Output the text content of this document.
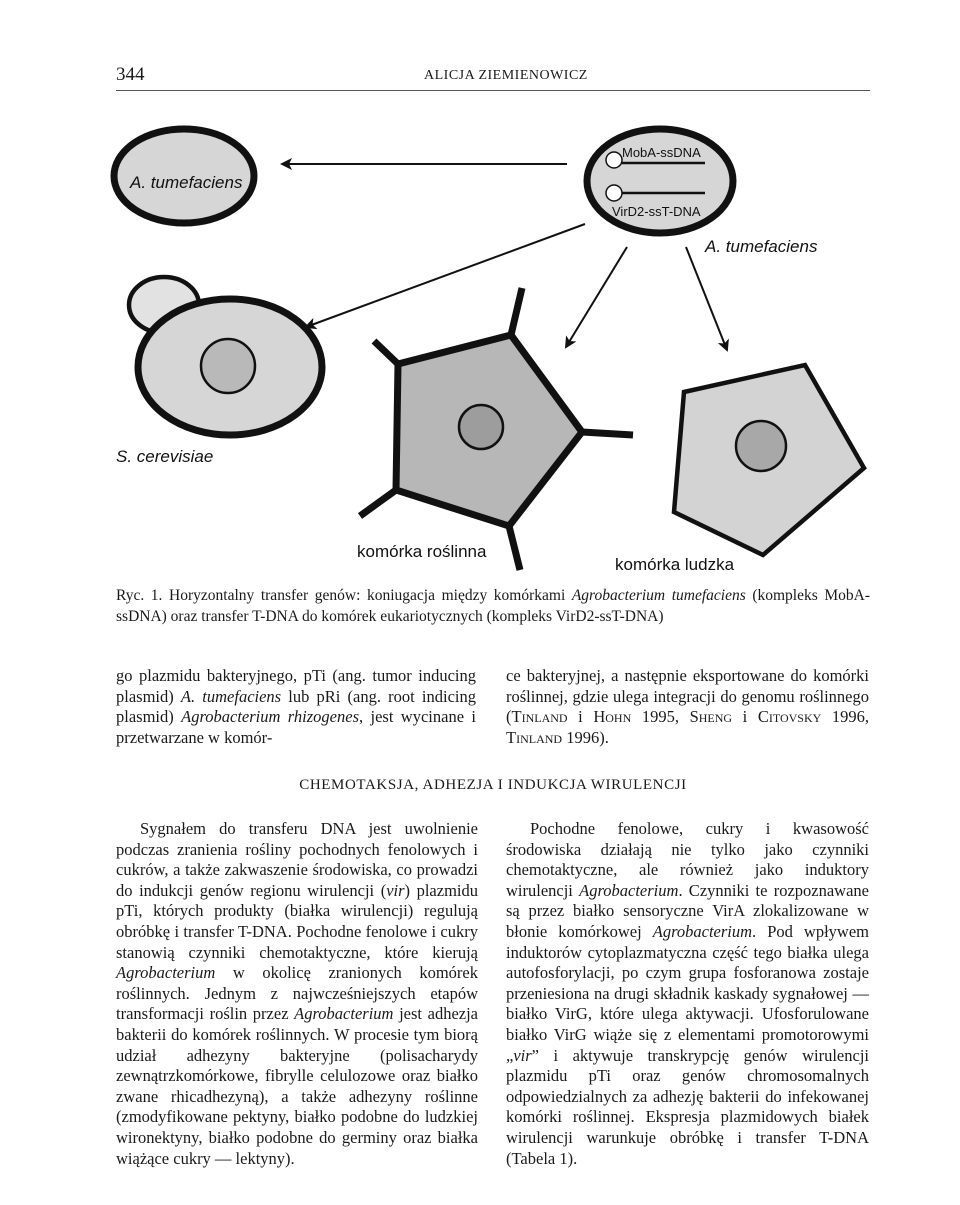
344	ALICJA ZIEMIENOWICZ
A. tumefaciens
MobA-ssDNA
VirD2-ssT-DNA
A. tumefaciens
S. cerevisiae
komórka roślinna
komórka ludzka
Ryc. 1. Horyzontalny transfer genów: koniugacja między komórkami Agrobacterium tumefaciens (kompleks MobA-ssDNA) oraz transfer T-DNA do komórek eukariotycznych (kompleks VirD2-ssT-DNA)

go plazmidu bakteryjnego, pTi (ang. tumor inducing plasmid) A. tumefaciens lub pRi (ang. root indicing plasmid) Agrobacterium rhizogenes, jest wycinane i przetwarzane w komór-

ce bakteryjnej, a następnie eksportowane do komórki roślinnej, gdzie ulega integracji do genomu roślinnego (Tinland i Hohn 1995, Sheng i Citovsky 1996, Tinland 1996).

CHEMOTAKSJA, ADHEZJA I INDUKCJA WIRULENCJI

Sygnałem do transferu DNA jest uwolnienie podczas zranienia rośliny pochodnych fenolowych i cukrów, a także zakwaszenie środowiska, co prowadzi do indukcji genów regionu wirulencji (vir) plazmidu pTi, których produkty (białka wirulencji) regulują obróbkę i transfer T-DNA. Pochodne fenolowe i cukry stanowią czynniki chemotaktyczne, które kierują Agrobacterium w okolicę zranionych komórek roślinnych. Jednym z najwcześniejszych etapów transformacji roślin przez Agrobacterium jest adhezja bakterii do komórek roślinnych. W procesie tym biorą udział adhezyny bakteryjne (polisacharydy zewnątrzkomórkowe, fibrylle celulozowe oraz białko zwane rhicadhezyną), a także adhezyny roślinne (zmodyfikowane pektyny, białko podobne do ludzkiej wironektyny, białko podobne do germiny oraz białka wiążące cukry — lektyny).

Pochodne fenolowe, cukry i kwasowość środowiska działają nie tylko jako czynniki chemotaktyczne, ale również jako induktory wirulencji Agrobacterium. Czynniki te rozpoznawane są przez białko sensoryczne VirA zlokalizowane w błonie komórkowej Agrobacterium. Pod wpływem induktorów cytoplazmatyczna część tego białka ulega autofosforylacji, po czym grupa fosforanowa zostaje przeniesiona na drugi składnik kaskady sygnałowej — białko VirG, które ulega aktywacji. Ufosforulowane białko VirG wiąże się z elementami promotorowymi „vir” i aktywuje transkrypcję genów wirulencji plazmidu pTi oraz genów chromosomalnych odpowiedzialnych za adhezję bakterii do infekowanej komórki roślinnej. Ekspresja plazmidowych białek wirulencji warunkuje obróbkę i transfer T-DNA (Tabela 1).
